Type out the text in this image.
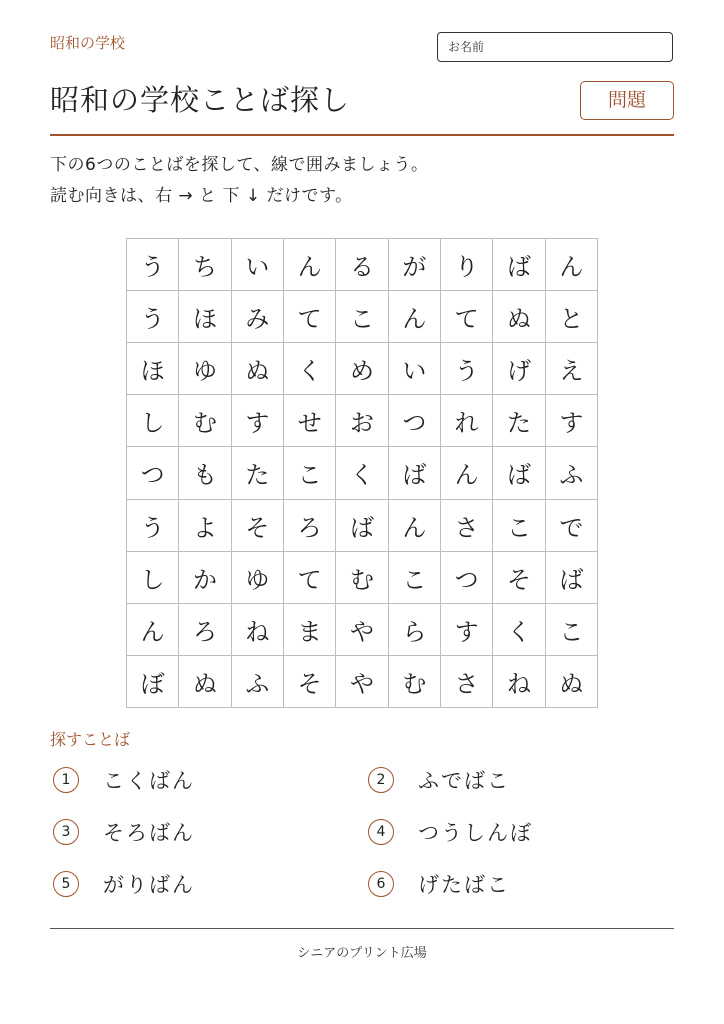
昭和の学校	お名前
昭和の学校ことば探し	問題
下の6つのことばを探して、線で囲みましょう。
読む向きは、右 → と 下 ↓ だけです。
う	ち	い	ん	る	が	り	ば	ん
う	ほ	み	て	こ	ん	て	ぬ	と
ほ	ゆ	ぬ	く	め	い	う	げ	え
し	む	す	せ	お	つ	れ	た	す
つ	も	た	こ	く	ば	ん	ば	ふ
う	よ	そ	ろ	ば	ん	さ	こ	で
し	か	ゆ	て	む	こ	つ	そ	ば
ん	ろ	ね	ま	や	ら	す	く	こ
ぼ	ぬ	ふ	そ	や	む	さ	ね	ぬ
探すことば
1	こくばん
3	そろばん
5	がりばん
2	ふでばこ
4	つうしんぼ
6	げたばこ
シニアのプリント広場
